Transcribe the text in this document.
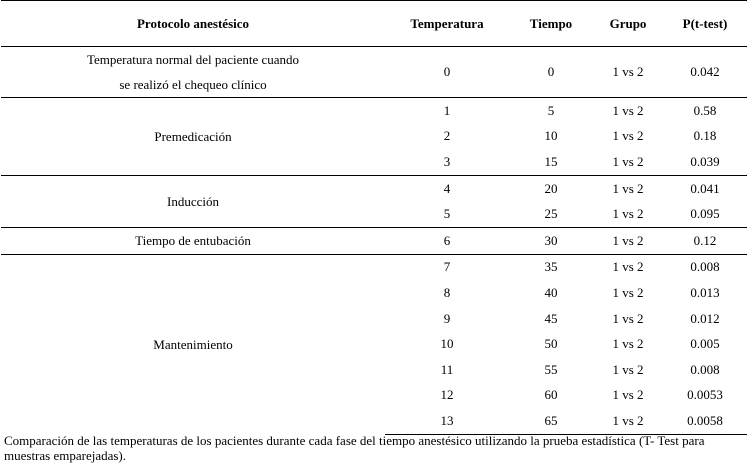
Protocolo anestésico	Temperatura	Tiempo	Grupo	P(t-test)

Temperatura normal del paciente cuando
se realizó el chequeo clínico	0	0	1 vs 2	0.042

Premedicación	1	5	1 vs 2	0.58
	2	10	1 vs 2	0.18
	3	15	1 vs 2	0.039

Inducción	4	20	1 vs 2	0.041
	5	25	1 vs 2	0.095

Tiempo de entubación	6	30	1 vs 2	0.12

Mantenimiento	7	35	1 vs 2	0.008
	8	40	1 vs 2	0.013
	9	45	1 vs 2	0.012
	10	50	1 vs 2	0.005
	11	55	1 vs 2	0.008
	12	60	1 vs 2	0.0053
	13	65	1 vs 2	0.0058
Comparación de las temperaturas de los pacientes durante cada fase del tiempo anestésico utilizando la prueba estadística (T- Test para muestras emparejadas).
